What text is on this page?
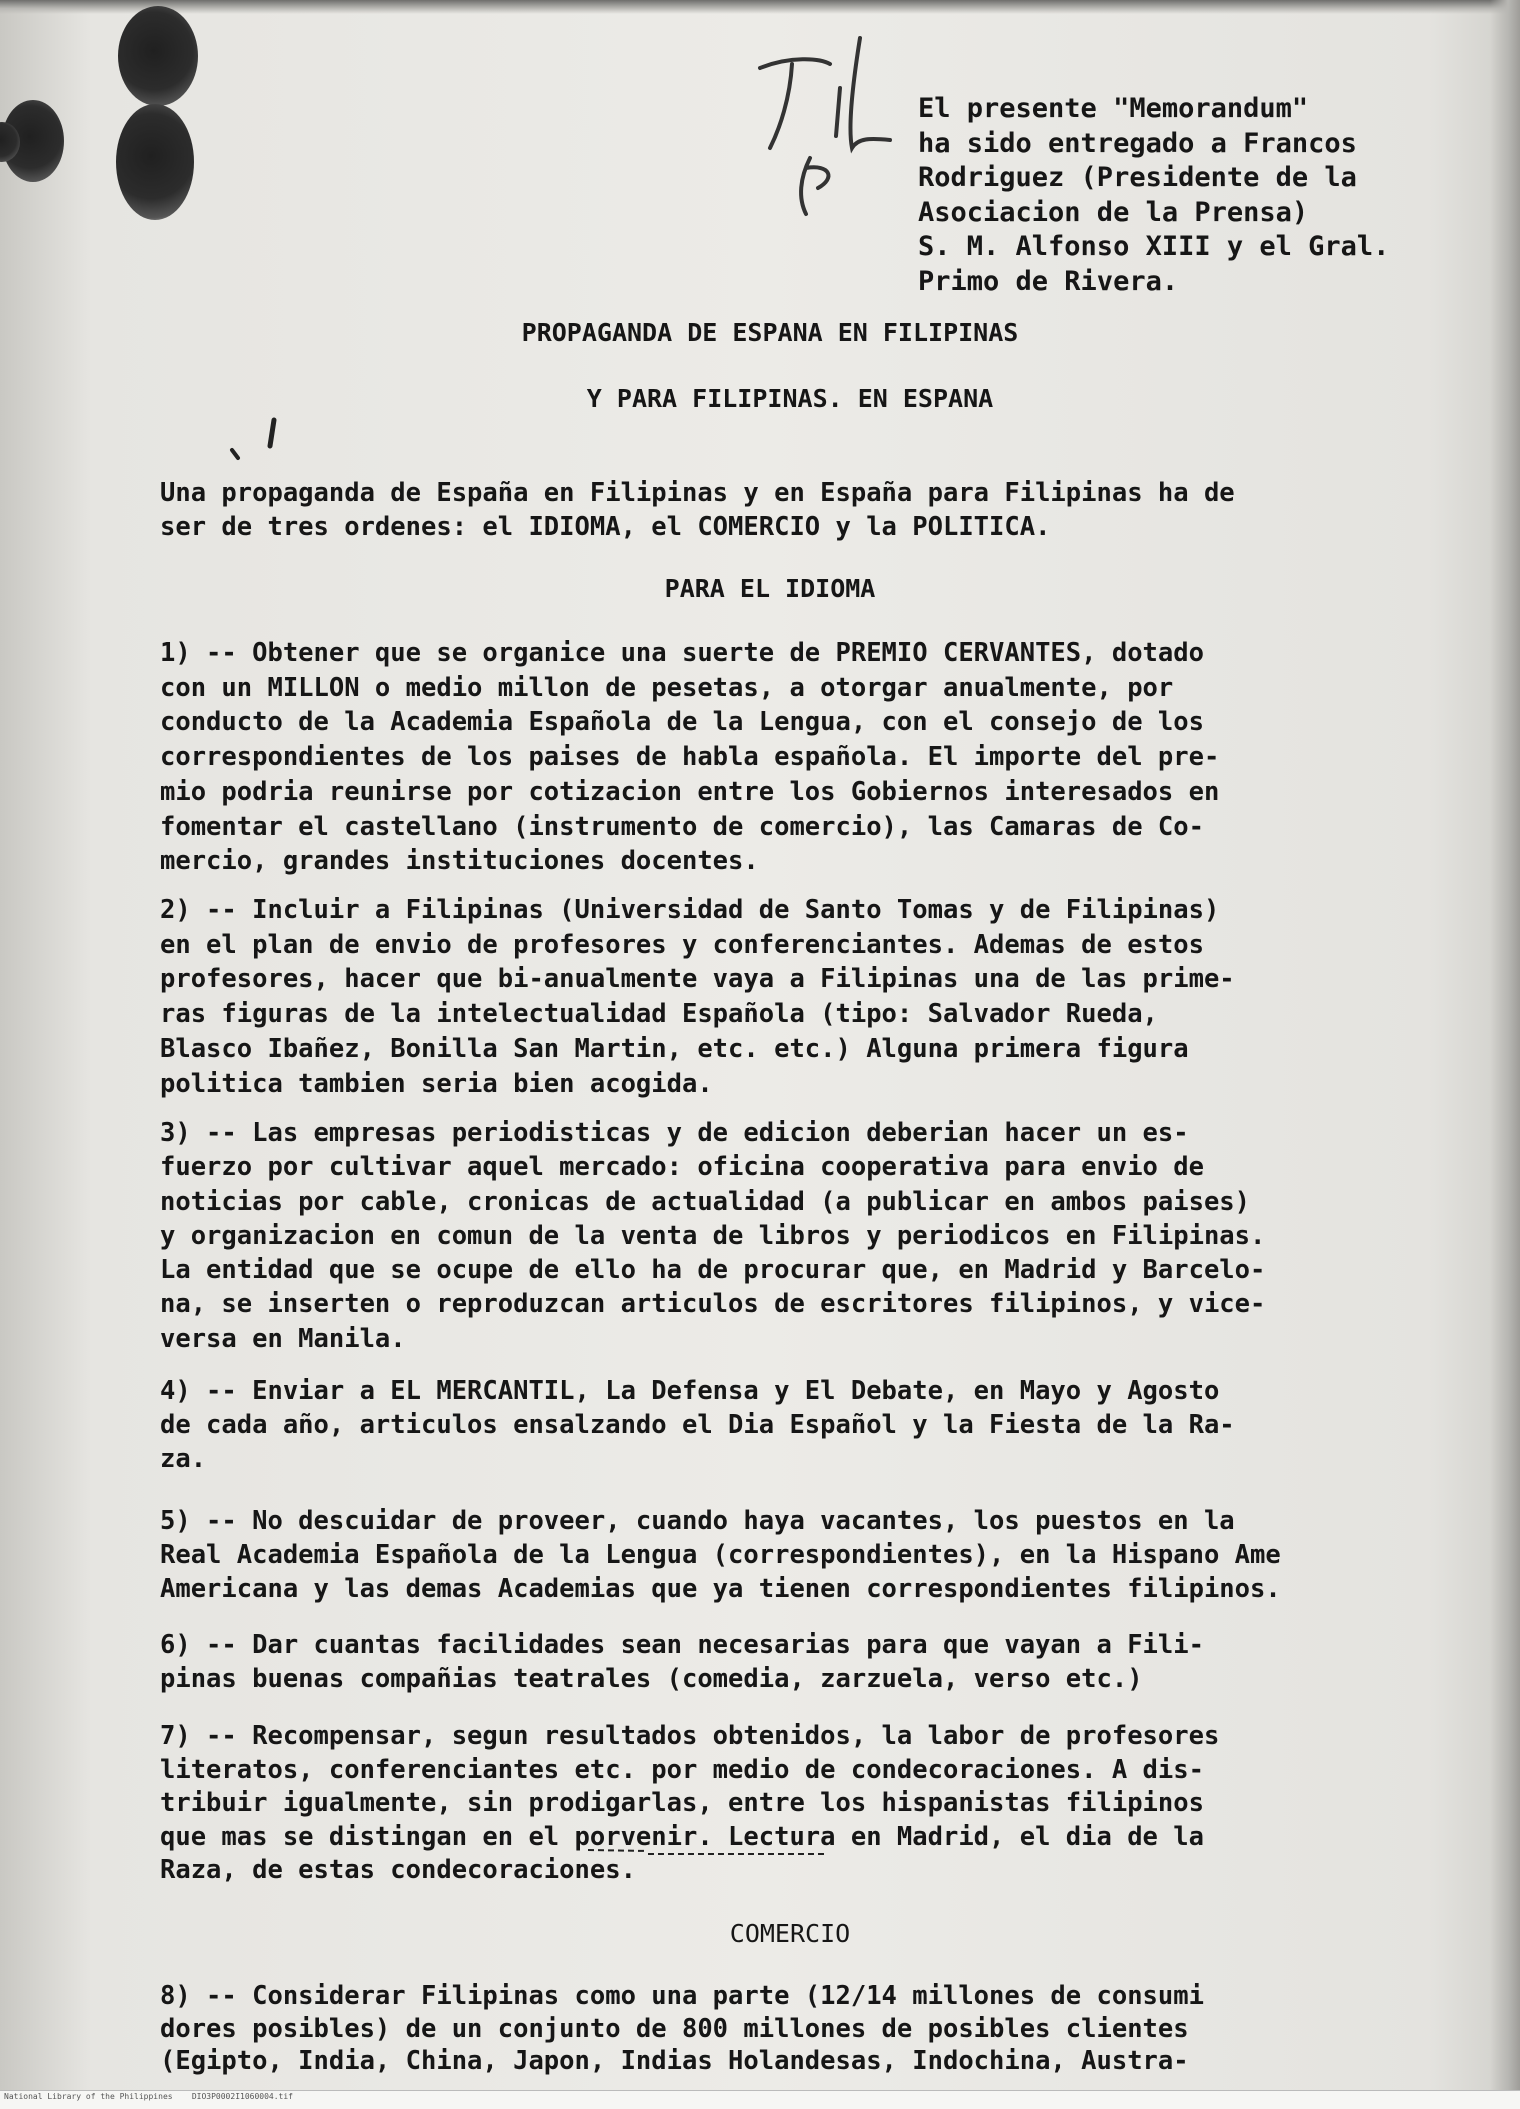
El presente "Memorandum"
ha sido entregado a Francos
Rodriguez (Presidente de la
Asociacion de la Prensa)
S. M. Alfonso XIII y el Gral.
Primo de Rivera.
PROPAGANDA DE ESPANA EN FILIPINAS
Y PARA FILIPINAS. EN ESPANA
Una propaganda de España en Filipinas y en España para Filipinas ha de
ser de tres ordenes: el IDIOMA, el COMERCIO y la POLITICA.
PARA EL IDIOMA
1) -- Obtener que se organice una suerte de PREMIO CERVANTES, dotado
con un MILLON o medio millon de pesetas, a otorgar anualmente, por
conducto de la Academia Española de la Lengua, con el consejo de los
correspondientes de los paises de habla española. El importe del pre-
mio podria reunirse por cotizacion entre los Gobiernos interesados en
fomentar el castellano (instrumento de comercio), las Camaras de Co-
mercio, grandes instituciones docentes.
2) -- Incluir a Filipinas (Universidad de Santo Tomas y de Filipinas)
en el plan de envio de profesores y conferenciantes. Ademas de estos
profesores, hacer que bi-anualmente vaya a Filipinas una de las prime-
ras figuras de la intelectualidad Española (tipo: Salvador Rueda,
Blasco Ibañez, Bonilla San Martin, etc. etc.) Alguna primera figura
politica tambien seria bien acogida.
3) -- Las empresas periodisticas y de edicion deberian hacer un es-
fuerzo por cultivar aquel mercado: oficina cooperativa para envio de
noticias por cable, cronicas de actualidad (a publicar en ambos paises)
y organizacion en comun de la venta de libros y periodicos en Filipinas.
La entidad que se ocupe de ello ha de procurar que, en Madrid y Barcelo-
na, se inserten o reproduzcan articulos de escritores filipinos, y vice-
versa en Manila.
4) -- Enviar a EL MERCANTIL, La Defensa y El Debate, en Mayo y Agosto
de cada año, articulos ensalzando el Dia Español y la Fiesta de la Ra-
za.
5) -- No descuidar de proveer, cuando haya vacantes, los puestos en la
Real Academia Española de la Lengua (correspondientes), en la Hispano Ame
Americana y las demas Academias que ya tienen correspondientes filipinos.
6) -- Dar cuantas facilidades sean necesarias para que vayan a Fili-
pinas buenas compañias teatrales (comedia, zarzuela, verso etc.)
7) -- Recompensar, segun resultados obtenidos, la labor de profesores
literatos, conferenciantes etc. por medio de condecoraciones. A dis-
tribuir igualmente, sin prodigarlas, entre los hispanistas filipinos
que mas se distingan en el porvenir. Lectura en Madrid, el dia de la
Raza, de estas condecoraciones.
COMERCIO
8) -- Considerar Filipinas como una parte (12/14 millones de consumi
dores posibles) de un conjunto de 800 millones de posibles clientes
(Egipto, India, China, Japon, Indias Holandesas, Indochina, Austra-
National Library of the Philippines    DIO3P0002I1060004.tif
